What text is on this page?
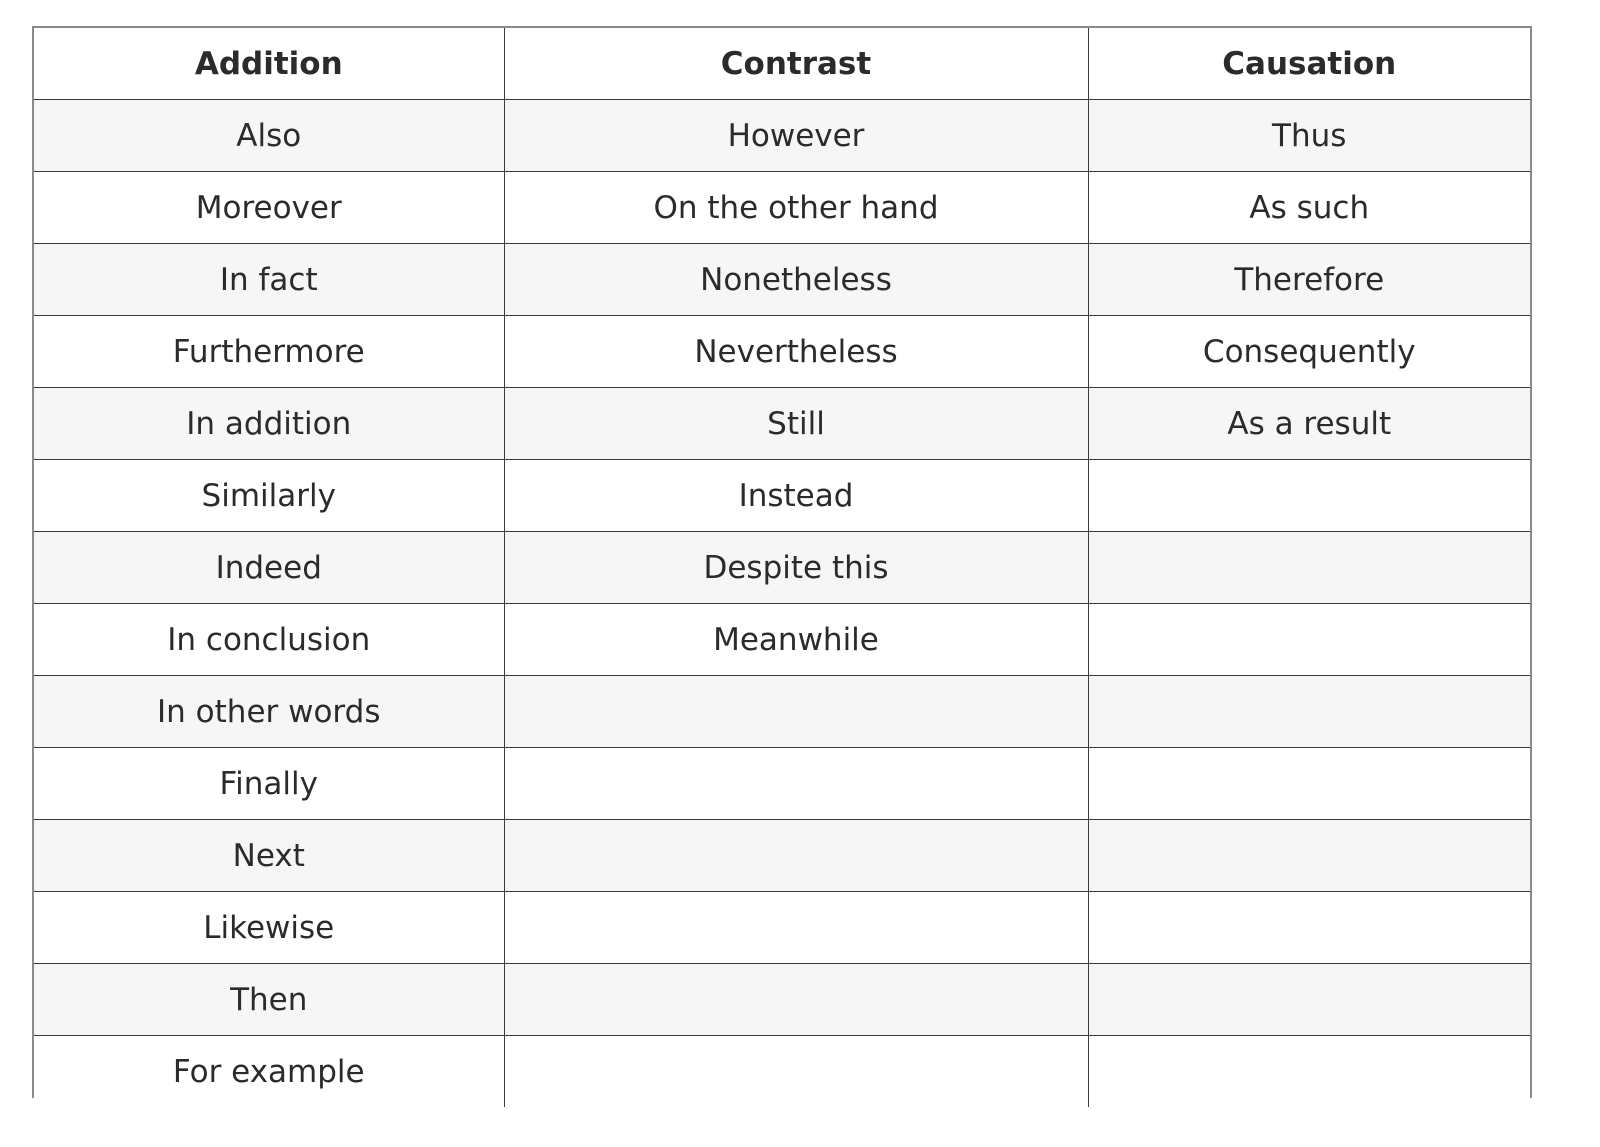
Addition	Contrast	Causation
Also	However	Thus
Moreover	On the other hand	As such
In fact	Nonetheless	Therefore
Furthermore	Nevertheless	Consequently
In addition	Still	As a result
Similarly	Instead	
Indeed	Despite this	
In conclusion	Meanwhile	
In other words		
Finally		
Next		
Likewise		
Then		
For example		
